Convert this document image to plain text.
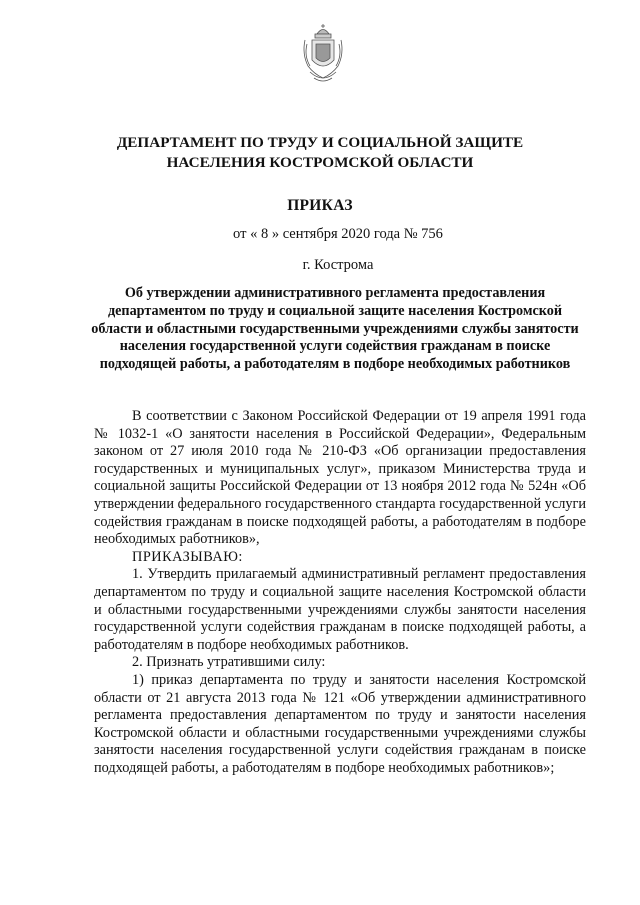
ДЕПАРТАМЕНТ ПО ТРУДУ И СОЦИАЛЬНОЙ ЗАЩИТЕ
НАСЕЛЕНИЯ КОСТРОМСКОЙ ОБЛАСТИ
ПРИКАЗ
от « 8 » сентября 2020 года № 756
г. Кострома
Об утверждении административного регламента предоставления департаментом по труду и социальной защите населения Костромской области и областными государственными учреждениями службы занятости населения государственной услуги содействия гражданам в поиске подходящей работы, а работодателям в подборе необходимых работников

В соответствии с Законом Российской Федерации от 19 апреля 1991 года № 1032-1 «О занятости населения в Российской Федерации», Федеральным законом от 27 июля 2010 года № 210-ФЗ «Об организации предоставления государственных и муниципальных услуг», приказом Министерства труда и социальной защиты Российской Федерации от 13 ноября 2012 года № 524н «Об утверждении федерального государственного стандарта государственной услуги содействия гражданам в поиске подходящей работы, а работодателям в подборе необходимых работников»,

ПРИКАЗЫВАЮ:

1. Утвердить прилагаемый административный регламент предоставления департаментом по труду и социальной защите населения Костромской области и областными государственными учреждениями службы занятости населения государственной услуги содействия гражданам в поиске подходящей работы, а работодателям в подборе необходимых работников.

2. Признать утратившими силу:

1) приказ департамента по труду и занятости населения Костромской области от 21 августа 2013 года № 121 «Об утверждении административного регламента предоставления департаментом по труду и занятости населения Костромской области и областными государственными учреждениями службы занятости населения государственной услуги содействия гражданам в поиске подходящей работы, а работодателям в подборе необходимых работников»;
